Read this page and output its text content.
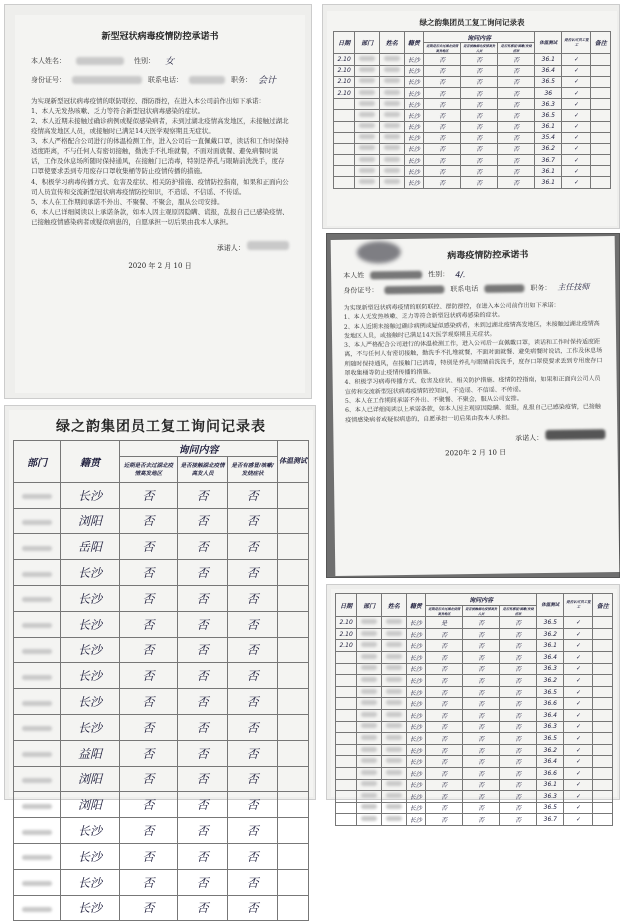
新型冠状病毒疫情防控承诺书
本人姓名：	性别： 女
身份证号：	联系电话：	职务： 会计

为实现新型冠状病毒疫情的联防联控、群防群控，在进入本公司前作出如下承诺：

1、本人无发热咳嗽、乏力等符合新型冠状病毒感染的症状。

2、本人近期未接触过确诊病例或疑似感染病者，未到过湖北疫情高发地区，未接触过湖北疫情高发地区人员，或接触时已满足14天医学观察期且无症状。

3、本人严格配合公司进行的体温检测工作，进入公司后一直佩戴口罩，读话和工作时保持适度距离，不与任何人有密切接触，勤洗手不扎堆就餐，不面对面就餐、避免病餐时说话，工作及休息场所随时保持通风，在接触门已消毒，特别是养孔与眼睛前洗洗手，度存口罩使要求丢到专用废存口罩收集桶等防止疫情传播的措施。

4、积极学习病毒传播方式、危害及症状、相关防护措施、疫情防控指南，如果和正面向公司人员宣传和交流新型冠状病毒疫情防控知识，不造谣、不信谣、不传谣。

5、本人在工作期间承诺不外出、不聚餐、不聚会，服从公司安排。

6、本人已详细阅读以上承诺条款，如本人因主观原因隐瞒、谎报，乱报自己已感染疫情、已接触疫情感染病者或疑似病患的，自愿承担一切后果由我本人承担。

承诺人：
2020 年 2 月 10 日
绿之韵集团员工复工询问记录表
日期	部门	姓名	籍贯	询问内容			体温测试	是否认可员工复工	备注
				近期是否去过湖北疫情高发地区	是否接触湖北疫情高发人员	是否有感冒/咳嗽/发烧症状			
2.10			长沙	否	否	否	36.1	✓	
2.10			长沙	否	否	否	36.4	✓	
2.10			长沙	否	否	否	36.5	✓	
2.10			长沙	否	否	否	36	✓	
			长沙	否	否	否	36.3	✓	
			长沙	否	否	否	36.5	✓	
			长沙	否	否	否	36.1	✓	
			长沙	否	否	否	35.4	✓	
			长沙	否	否	否	36.2	✓	
			长沙	否	否	否	36.7	✓	
			长沙	否	否	否	36.1	✓	
			长沙	否	否	否	36.1	✓	
绿之韵集团员工复工询问记录表
部门	籍贯	询问内容			体温测试
		近期是否去过湖北疫情高发地区	是否接触湖北疫情高发人员	是否有感冒/咳嗽/发烧症状	
	长沙	否	否	否	
	浏阳	否	否	否	
	岳阳	否	否	否	
	长沙	否	否	否	
	长沙	否	否	否	
	长沙	否	否	否	
	长沙	否	否	否	
	长沙	否	否	否	
	长沙	否	否	否	
	长沙	否	否	否	
	益阳	否	否	否	
	浏阳	否	否	否	
	浏阳	否	否	否	
	长沙	否	否	否	
	长沙	否	否	否	
	长沙	否	否	否	
	长沙	否	否	否	
病毒疫情防控承诺书
本人姓	性别： 4/.
身份证号：	联系电话	职务： 主任技师

为实现新型冠状病毒疫情的联防联控、群防群控，在进入本公司前作出如下承诺：

1、本人无发热咳嗽、乏力等符合新型冠状病毒感染的症状。

2、本人近期未接触过确诊病例或疑似感染病者，未到过湖北疫情高发地区，未接触过湖北疫情高发地区人员，或接触时已满足14天医学观察期且无症状。

3、本人严格配合公司进行的体温检测工作，进入公司后一直佩戴口罩，读话和工作时保持适度距离，不与任何人有密切接触，勤洗手不扎堆就餐，不面对面就餐、避免病餐时说话，工作及休息场所随时保持通风，在接触门已消毒，特别是养孔与眼睛前洗洗手，度存口罩使要求丢到专用废存口罩收集桶等防止疫情传播的措施。

4、积极学习病毒传播方式、危害及症状、相关防护措施、疫情防控指南，如果和正面向公司人员宣传和交流新型冠状病毒疫情防控知识，不造谣、不信谣、不传谣。

5、本人在工作期间承诺不外出、不聚餐、不聚会，服从公司安排。

6、本人已详细阅读以上承诺条款，如本人因主观原因隐瞒、谎报，乱报自己已感染疫情，已接触疫情感染病者或疑似病患的，自愿承担一切后果由我本人承担。

承诺人：
2020年 2 月 10 日
日期	部门	姓名	籍贯	询问内容			体温测试	是否认可员工复工	备注
				近期是否去过湖北疫情高发地区	是否接触湖北疫情高发人员	是否有感冒/咳嗽/发烧症状			
2.10			长沙	是	否	否	36.5	✓	
2.10			长沙	否	否	否	36.2	✓	
2.10			长沙	否	否	否	36.1	✓	
			长沙	否	否	否	36.4	✓	
			长沙	否	否	否	36.3	✓	
			长沙	否	否	否	36.2	✓	
			长沙	否	否	否	36.5	✓	
			长沙	否	否	否	36.6	✓	
			长沙	否	否	否	36.4	✓	
			长沙	否	否	否	36.3	✓	
			长沙	否	否	否	36.5	✓	
			长沙	否	否	否	36.2	✓	
			长沙	否	否	否	36.4	✓	
			长沙	否	否	否	36.6	✓	
			长沙	否	否	否	36.1	✓	
			长沙	否	否	否	36.3	✓	
			长沙	否	否	否	36.5	✓	
			长沙	否	否	否	36.7	✓	
